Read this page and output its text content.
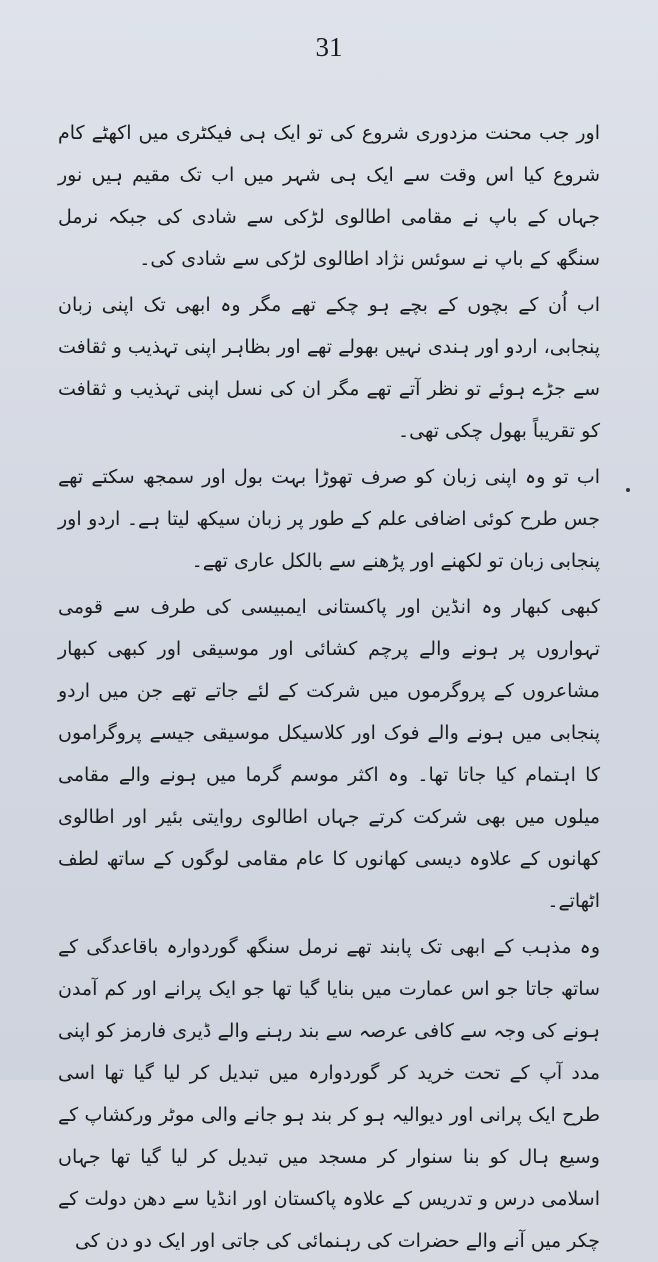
31

اور جب محنت مزدوری شروع کی تو ایک ہی فیکٹری میں اکھٹے کام شروع کیا اس وقت سے ایک ہی شہر میں اب تک مقیم ہیں نور جہاں کے باپ نے مقامی اطالوی لڑکی سے شادی کی جبکہ نرمل سنگھ کے باپ نے سوئس نژاد اطالوی لڑکی سے شادی کی۔

اب اُن کے بچوں کے بچے ہو چکے تھے مگر وہ ابھی تک اپنی زبان پنجابی، اردو اور ہندی نہیں بھولے تھے اور بظاہر اپنی تہذیب و ثقافت سے جڑے ہوئے تو نظر آتے تھے مگر ان کی نسل اپنی تہذیب و ثقافت کو تقریباً بھول چکی تھی۔

اب تو وہ اپنی زبان کو صرف تھوڑا بہت بول اور سمجھ سکتے تھے جس طرح کوئی اضافی علم کے طور پر زبان سیکھ لیتا ہے۔ اردو اور پنجابی زبان تو لکھنے اور پڑھنے سے بالکل عاری تھے۔

کبھی کبھار وہ انڈین اور پاکستانی ایمبیسی کی طرف سے قومی تہواروں پر ہونے والے پرچم کشائی اور موسیقی اور کبھی کبھار مشاعروں کے پروگرموں میں شرکت کے لئے جاتے تھے جن میں اردو پنجابی میں ہونے والے فوک اور کلاسیکل موسیقی جیسے پروگراموں کا اہتمام کیا جاتا تھا۔ وہ اکثر موسم گرما میں ہونے والے مقامی میلوں میں بھی شرکت کرتے جہاں اطالوی روایتی بئیر اور اطالوی کھانوں کے علاوہ دیسی کھانوں کا عام مقامی لوگوں کے ساتھ لطف اٹھاتے۔

وہ مذہب کے ابھی تک پابند تھے نرمل سنگھ گوردوارہ باقاعدگی کے ساتھ جاتا جو اس عمارت میں بنایا گیا تھا جو ایک پرانے اور کم آمدن ہونے کی وجہ سے کافی عرصہ سے بند رہنے والے ڈیری فارمز کو اپنی مدد آپ کے تحت خرید کر گوردوارہ میں تبدیل کر لیا گیا تھا اسی طرح ایک پرانی اور دیوالیہ ہو کر بند ہو جانے والی موٹر ورکشاپ کے وسیع ہال کو بنا سنوار کر مسجد میں تبدیل کر لیا گیا تھا جہاں اسلامی درس و تدریس کے علاوہ پاکستان اور انڈیا سے دھن دولت کے چکر میں آنے والے حضرات کی رہنمائی کی جاتی اور ایک دو دن کی
